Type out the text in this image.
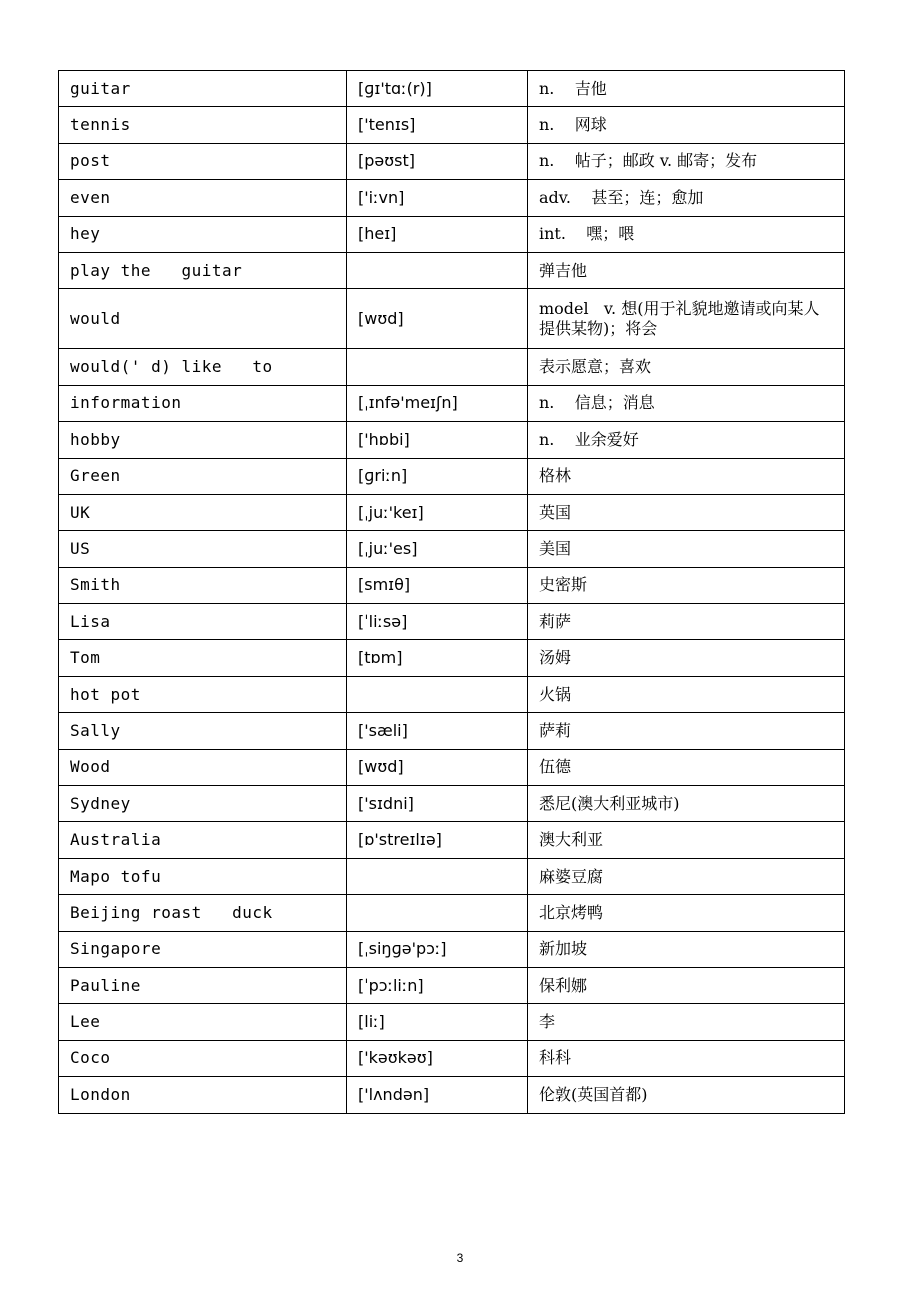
guitar	[ɡɪ'tɑː(r)]	n.    吉他
tennis	['tenɪs]	n.    网球
post	[pəʊst]	n.    帖子；邮政 v. 邮寄；发布
even	['iːvn]	adv.    甚至；连；愈加
hey	[heɪ]	int.    嘿；喂
play the   guitar		弹吉他
would	[wʊd]	model   v. 想(用于礼貌地邀请或向某人提供某物)；将会
would(' d) like   to		表示愿意；喜欢
information	[ˌɪnfə'meɪʃn]	n.    信息；消息
hobby	['hɒbi]	n.    业余爱好
Green	[ɡriːn]	格林
UK	[ˌjuː'keɪ]	英国
US	[ˌjuː'es]	美国
Smith	[smɪθ]	史密斯
Lisa	[ˈliːsə]	莉萨
Tom	[tɒm]	汤姆
hot pot		火锅
Sally	['sæli]	萨莉
Wood	[wʊd]	伍德
Sydney	['sɪdni]	悉尼(澳大利亚城市)
Australia	[ɒ'streɪlɪə]	澳大利亚
Mapo tofu		麻婆豆腐
Beijing roast   duck		北京烤鸭
Singapore	[ˌsiŋɡə'pɔː]	新加坡
Pauline	[ˈpɔːliːn]	保利娜
Lee	[liː]	李
Coco	['kəʊkəʊ]	科科
London	['lʌndən]	伦敦(英国首都)
3
